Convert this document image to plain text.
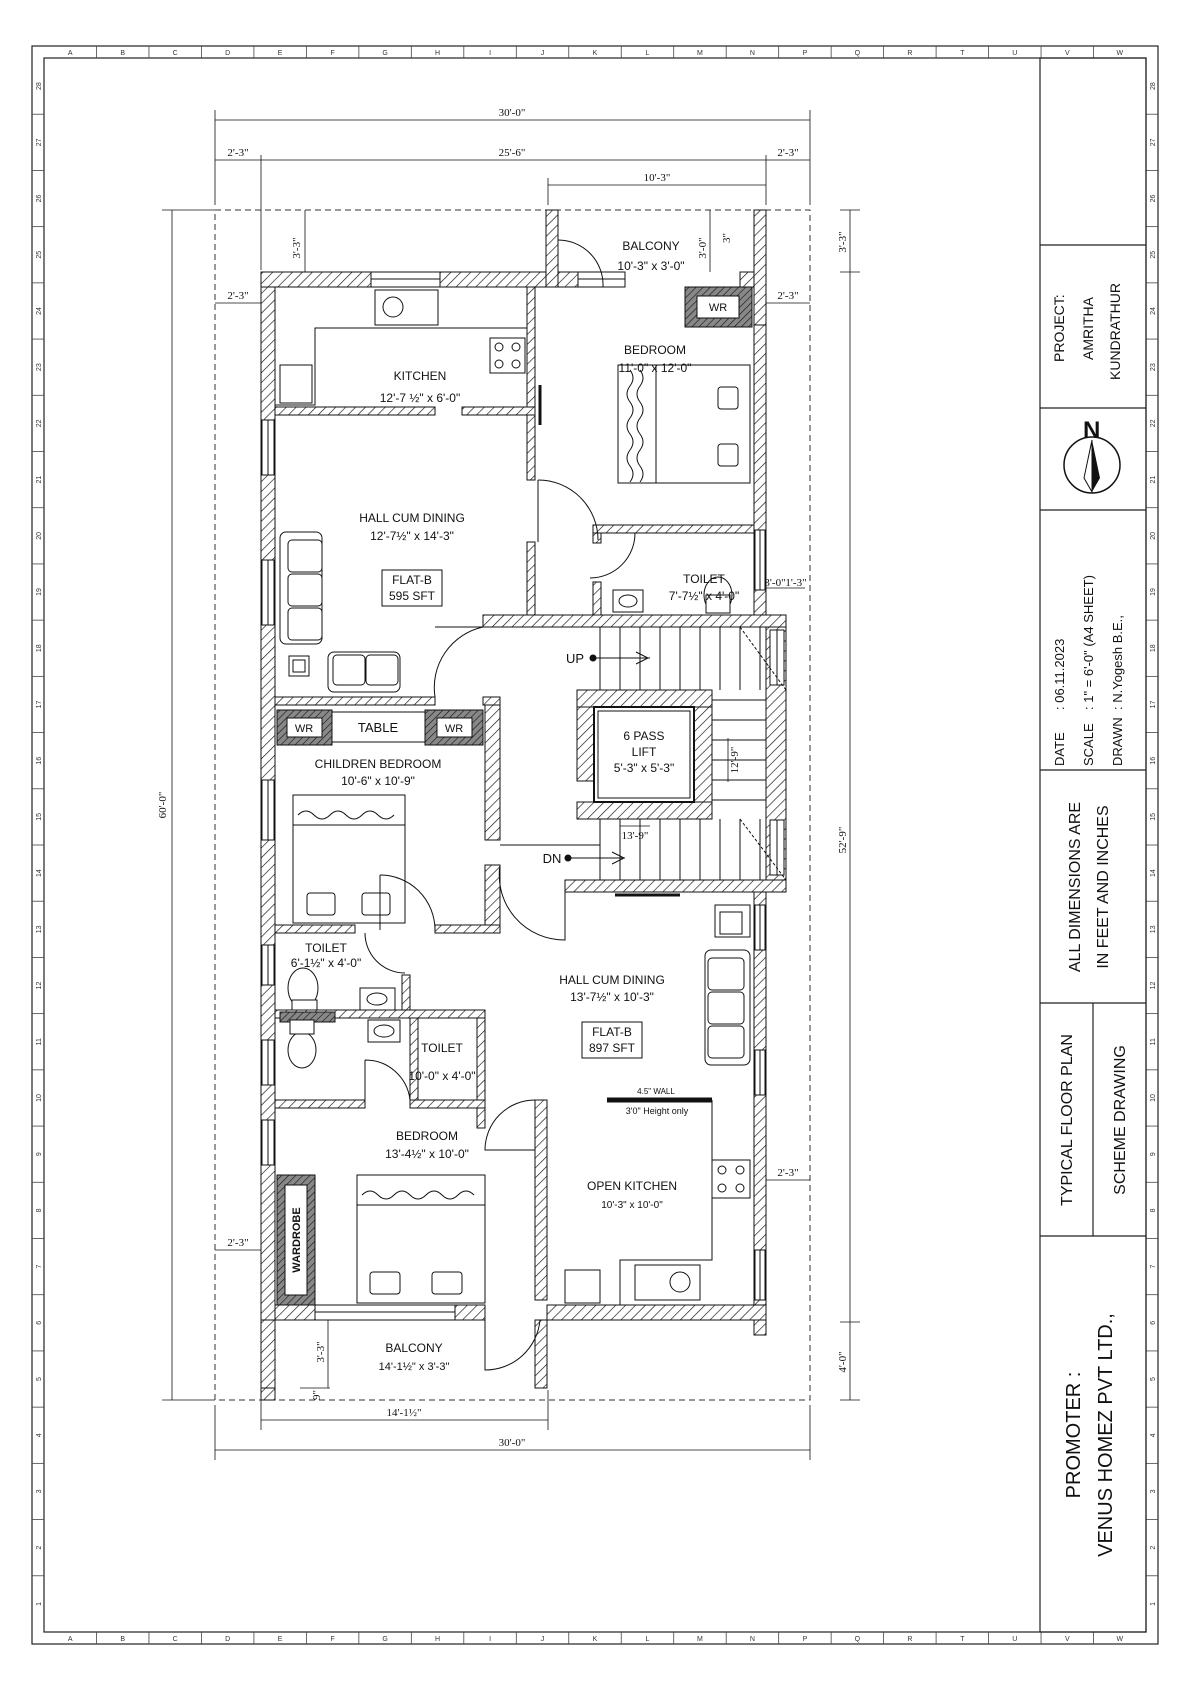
A
A
B
B
C
C
D
D
E
E
F
F
G
G
H
H
I
I
J
J
K
K
L
L
M
M
N
N
P
P
Q
Q
R
R
T
T
U
U
V
V
W
W
28	28
27	27
26	26
25	25
24	24
23	23
22	22
21	21
20	20
19	19
18	18
17	17
16	16
15	15
14	14
13	13
12	12
11	11
10	10
9	9
8	8
7	7
6	6
5	5
4	4
3	3
2	2
1	1
PROJECT: AMRITHA KUNDRATHUR
N
DATE
: 06.11.2023
SCALE
: 1" = 6'-0" (A4 SHEET)
DRAWN
: N.Yogesh B.E.,
ALL DIMENSIONS ARE IN FEET AND INCHES
TYPICAL FLOOR PLAN SCHEME DRAWING
PROMOTER : VENUS HOMEZ PVT LTD.,
30'-0"
25'-6"
2'-3"	2'-3"
10'-3"
2'-3"	2'-3"
3'-3"	3'-0" 3"	3'-3"
52'-9"
4'-0"
60'-0"
2'-3"
2'-3"
14'-1½"
30'-0"
3'-3"
9"
3'-0" 1'-3"
12'-9"
13'-9"
BALCONY
10'-3" x 3'-0"
KITCHEN
12'-7 ½" x 6'-0"
BEDROOM
11'-0" x 12'-0"
WR
HALL CUM DINING
12'-7½" x 14'-3"
FLAT-B
595 SFT
TOILET
7'-7½" x 4'-0"
UP
DN
6 PASS
LIFT
5'-3" x 5'-3"
WR	TABLE	WR
CHILDREN BEDROOM
10'-6" x 10'-9"
TOILET
6'-1½" x 4'-0"
TOILET
10'-0" x 4'-0"
HALL CUM DINING
13'-7½" x 10'-3"
FLAT-B
897 SFT
4.5" WALL
3'0" Height only
BEDROOM
13'-4½" x 10'-0"
WARDROBE
OPEN KITCHEN
10'-3" x 10'-0"
BALCONY
14'-1½" x 3'-3"
